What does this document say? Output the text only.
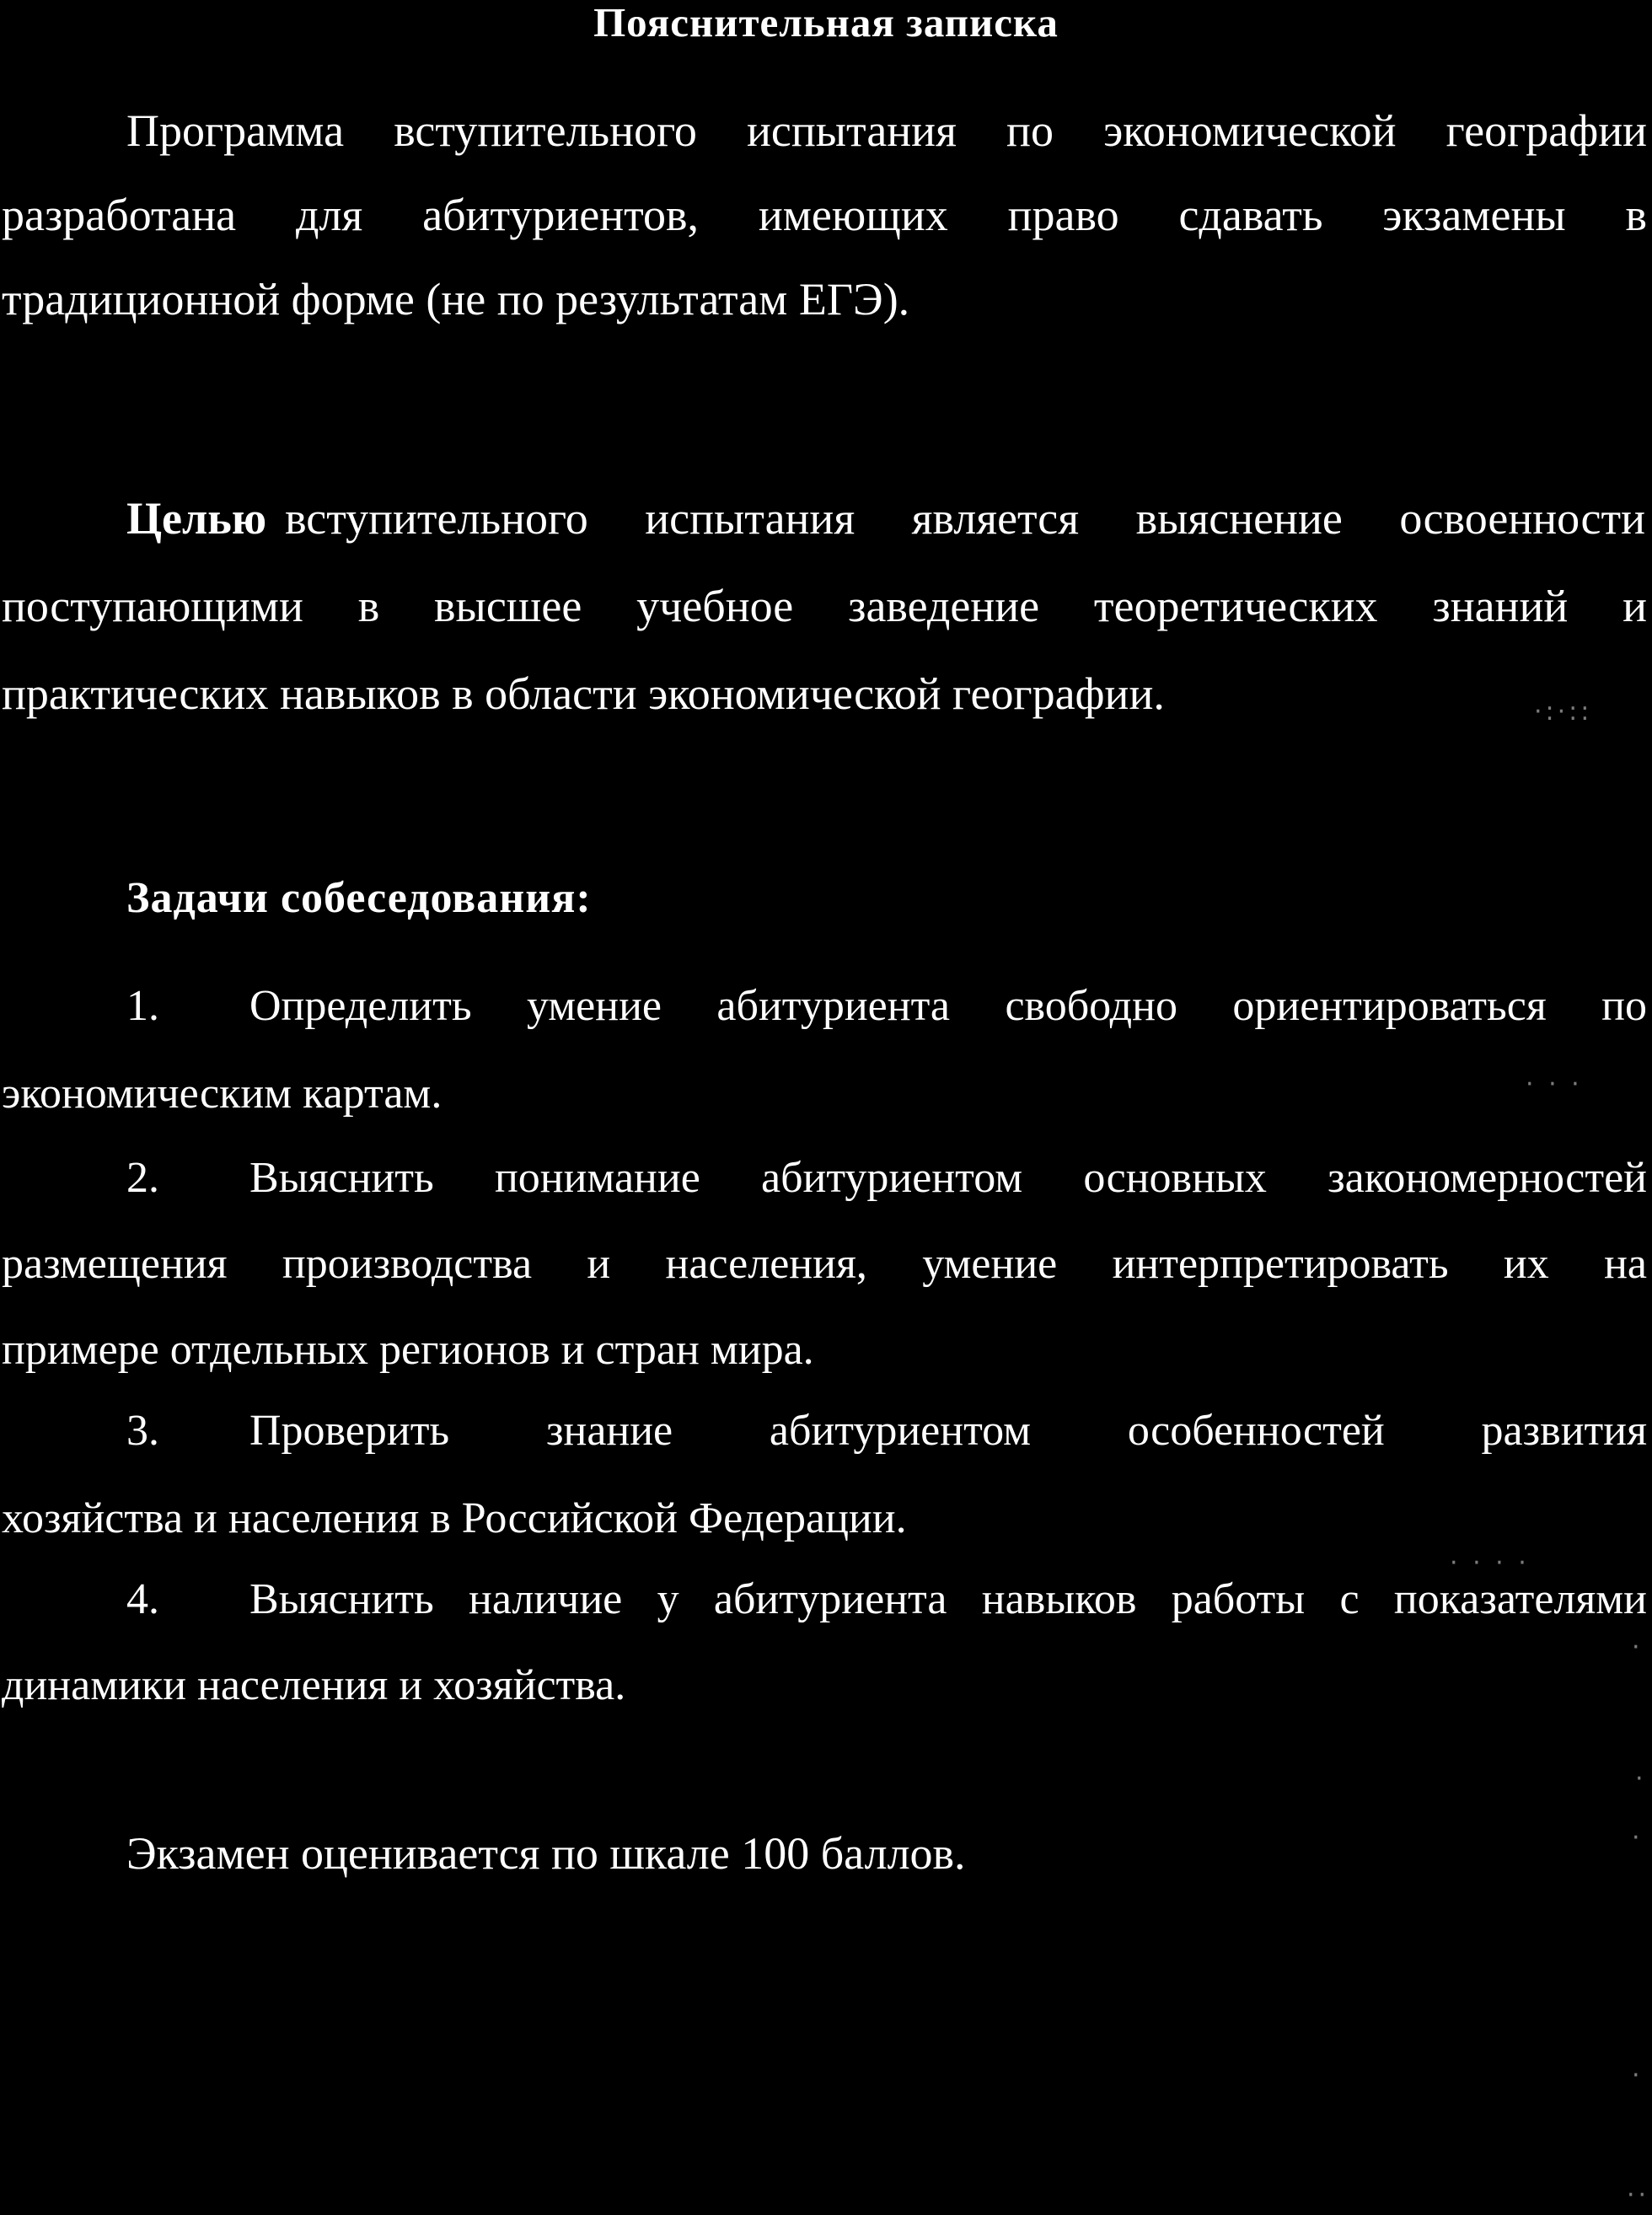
Пояснительная записка
Программа вступительного испытания по экономической географии
разработана для абитуриентов, имеющих право сдавать экзамены в
традиционной форме (не по результатам ЕГЭ).
Целью вступительного испытания является выяснение освоенности
поступающими в высшее учебное заведение теоретических знаний и
практических навыков в области экономической географии.
Задачи собеседования:
1. Определить умение абитуриента свободно ориентироваться по
экономическим картам.
2. Выяснить понимание абитуриентом основных закономерностей
размещения производства и населения, умение интерпретировать их на
примере отдельных регионов и стран мира.
3. Проверить знание абитуриентом особенностей развития
хозяйства и населения в Российской Федерации.
4. Выяснить наличие у абитуриента навыков работы с показателями
динамики населения и хозяйства.
Экзамен оценивается по шкале 100 баллов.
·:·::
· · ·
· · · ·
·
·
·
·
··
